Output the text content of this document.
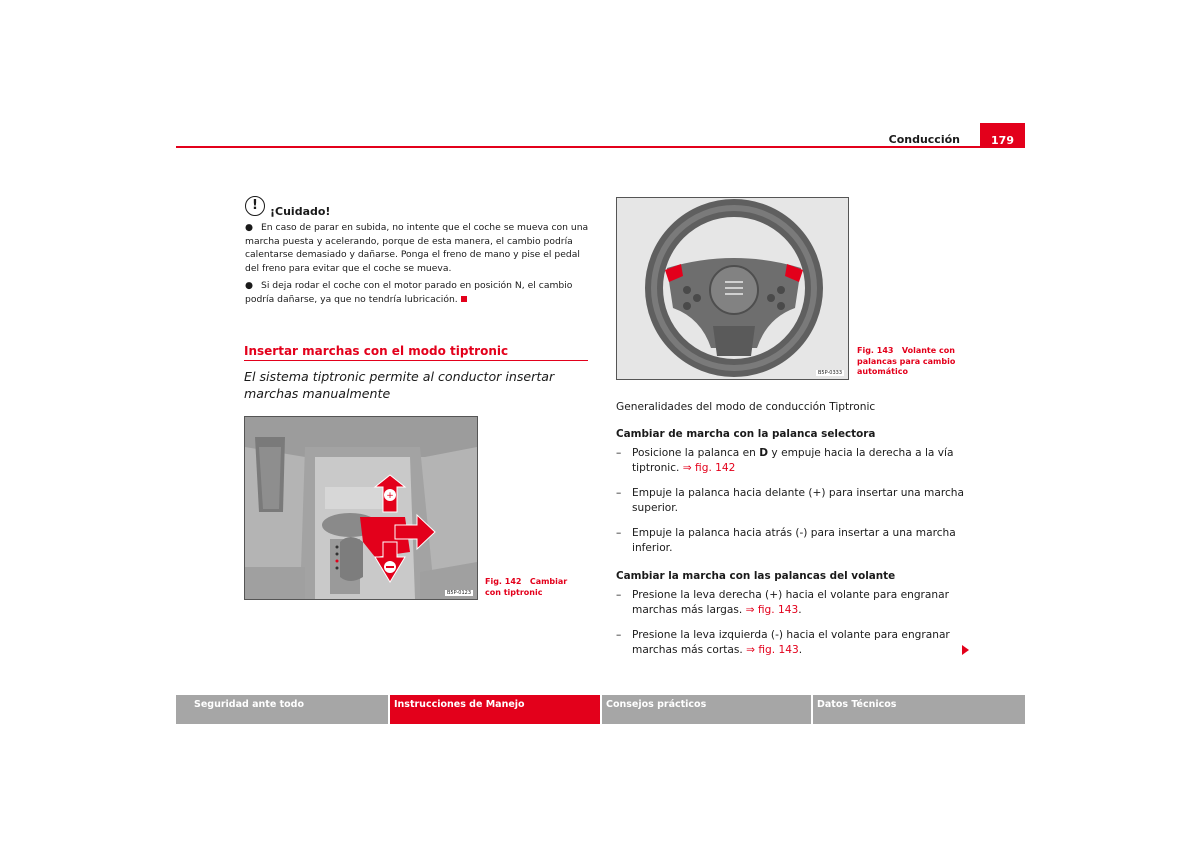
Conducción	179
!	¡Cuidado!
● En caso de parar en subida, no intente que el coche se mueva con una marcha puesta y acelerando, porque de esta manera, el cambio podría calentarse demasiado y dañarse. Ponga el freno de mano y pise el pedal del freno para evitar que el coche se mueva.
● Si deja rodar el coche con el motor parado en posición N, el cambio podría dañarse, ya que no tendría lubricación.
Insertar marchas con el modo tiptronic
El sistema tiptronic permite al conductor insertar marchas manualmente
+
B5P-0123
Fig. 142 Cambiar con tiptronic
B5P-0333
Fig. 143 Volante con palancas para cambio automático
Generalidades del modo de conducción Tiptronic
Cambiar de marcha con la palanca selectora
– Posicione la palanca en D y empuje hacia la derecha a la vía tiptronic. ⇒ fig. 142
– Empuje la palanca hacia delante (+) para insertar una marcha superior.
– Empuje la palanca hacia atrás (-) para insertar a una marcha inferior.
Cambiar la marcha con las palancas del volante
– Presione la leva derecha (+) hacia el volante para engranar marchas más largas. ⇒ fig. 143.
– Presione la leva izquierda (-) hacia el volante para engranar marchas más cortas. ⇒ fig. 143.
Seguridad ante todo	Instrucciones de Manejo	Consejos prácticos	Datos Técnicos
